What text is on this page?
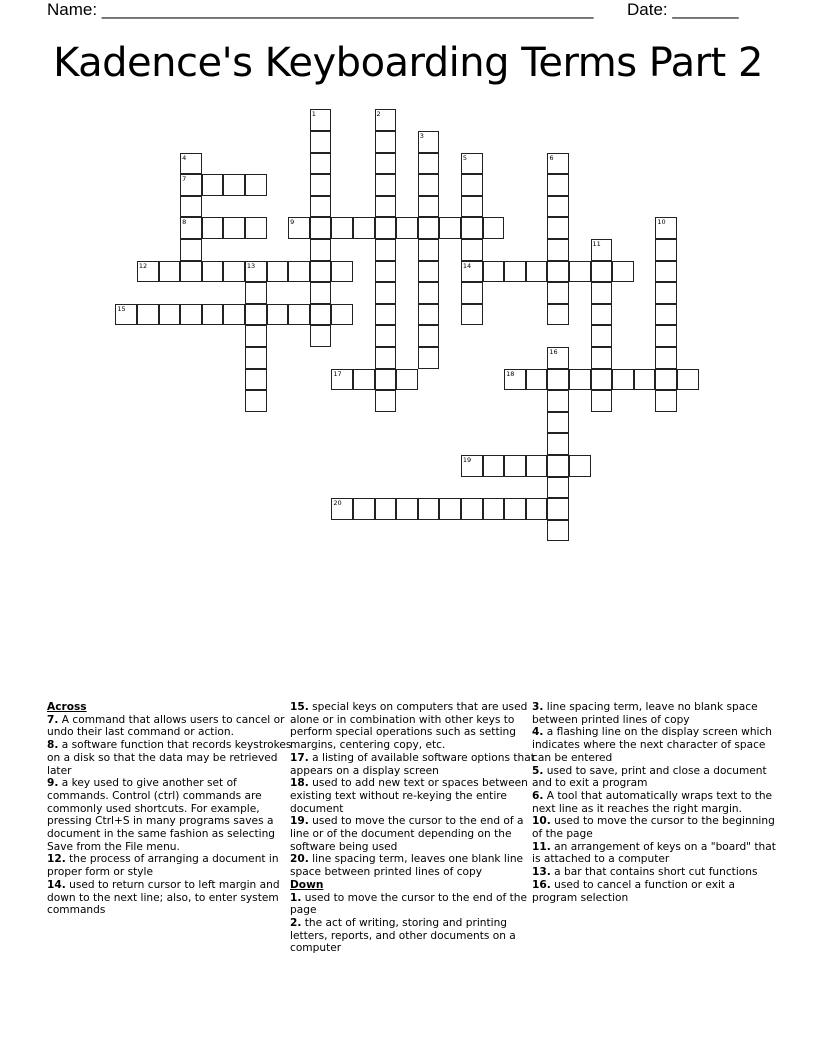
Name: ____________________________________________________ Date: _______
Kadence's Keyboarding Terms Part 2
1	2
3
4
7
8
5
14
6
9	10
11
12	13
15
16
17	18
19
20
Across
7. A command that allows users to cancel or undo their last command or action.
8. a software function that records keystrokes on a disk so that the data may be retrieved later
9. a key used to give another set of commands. Control (ctrl) commands are commonly used shortcuts. For example, pressing Ctrl+S in many programs saves a document in the same fashion as selecting Save from the File menu.
12. the process of arranging a document in proper form or style
14. used to return cursor to left margin and down to the next line; also, to enter system commands
15. special keys on computers that are used alone or in combination with other keys to perform special operations such as setting margins, centering copy, etc.
17. a listing of available software options that appears on a display screen
18. used to add new text or spaces between existing text without re-keying the entire document
19. used to move the cursor to the end of a line or of the document depending on the software being used
20. line spacing term, leaves one blank line space between printed lines of copy
Down
1. used to move the cursor to the end of the page
2. the act of writing, storing and printing letters, reports, and other documents on a computer
3. line spacing term, leave no blank space between printed lines of copy
4. a flashing line on the display screen which indicates where the next character of space can be entered
5. used to save, print and close a document and to exit a program
6. A tool that automatically wraps text to the next line as it reaches the right margin.
10. used to move the cursor to the beginning of the page
11. an arrangement of keys on a "board" that is attached to a computer
13. a bar that contains short cut functions
16. used to cancel a function or exit a program selection
